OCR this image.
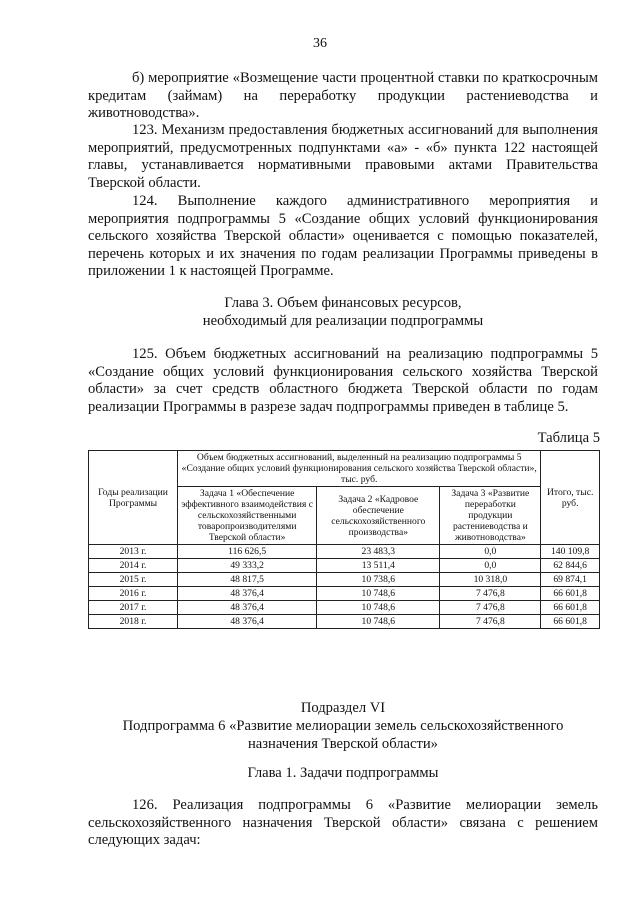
36

б) мероприятие «Возмещение части процентной ставки по краткосрочным кредитам (займам) на переработку продукции растениеводства и животноводства».

123. Механизм предоставления бюджетных ассигнований для выполнения мероприятий, предусмотренных подпунктами «а» - «б» пункта 122 настоящей главы, устанавливается нормативными правовыми актами Правительства Тверской области.

124. Выполнение каждого административного мероприятия и мероприятия подпрограммы 5 «Создание общих условий функционирования сельского хозяйства Тверской области» оценивается с помощью показателей, перечень которых и их значения по годам реализации Программы приведены в приложении 1 к настоящей Программе.

Глава 3. Объем финансовых ресурсов,
необходимый для реализации подпрограммы

125. Объем бюджетных ассигнований на реализацию подпрограммы 5 «Создание общих условий функционирования сельского хозяйства Тверской области» за счет средств областного бюджета Тверской области по годам реализации Программы в разрезе задач подпрограммы приведен в таблице 5.

Таблица 5
Годы реализации Программы	Объем бюджетных ассигнований, выделенный на реализацию подпрограммы 5 «Создание общих условий функционирования сельского хозяйства Тверской области», тыс. руб.			Итого, тыс. руб.
	Задача 1 «Обеспечение эффективного взаимодействия с сельскохозяйственными товаропроизводителями Тверской области»	Задача 2 «Кадровое обеспечение сельскохозяйственного производства»	Задача 3 «Развитие переработки продукции растениеводства и животноводства»	
2013 г.	116 626,5	23 483,3	0,0	140 109,8
2014 г.	49 333,2	13 511,4	0,0	62 844,6
2015 г.	48 817,5	10 738,6	10 318,0	69 874,1
2016 г.	48 376,4	10 748,6	7 476,8	66 601,8
2017 г.	48 376,4	10 748,6	7 476,8	66 601,8
2018 г.	48 376,4	10 748,6	7 476,8	66 601,8
Подраздел VI
Подпрограмма 6 «Развитие мелиорации земель сельскохозяйственного
назначения Тверской области»
Глава 1. Задачи подпрограммы

126. Реализация подпрограммы 6 «Развитие мелиорации земель сельскохозяйственного назначения Тверской области» связана с решением следующих задач:
